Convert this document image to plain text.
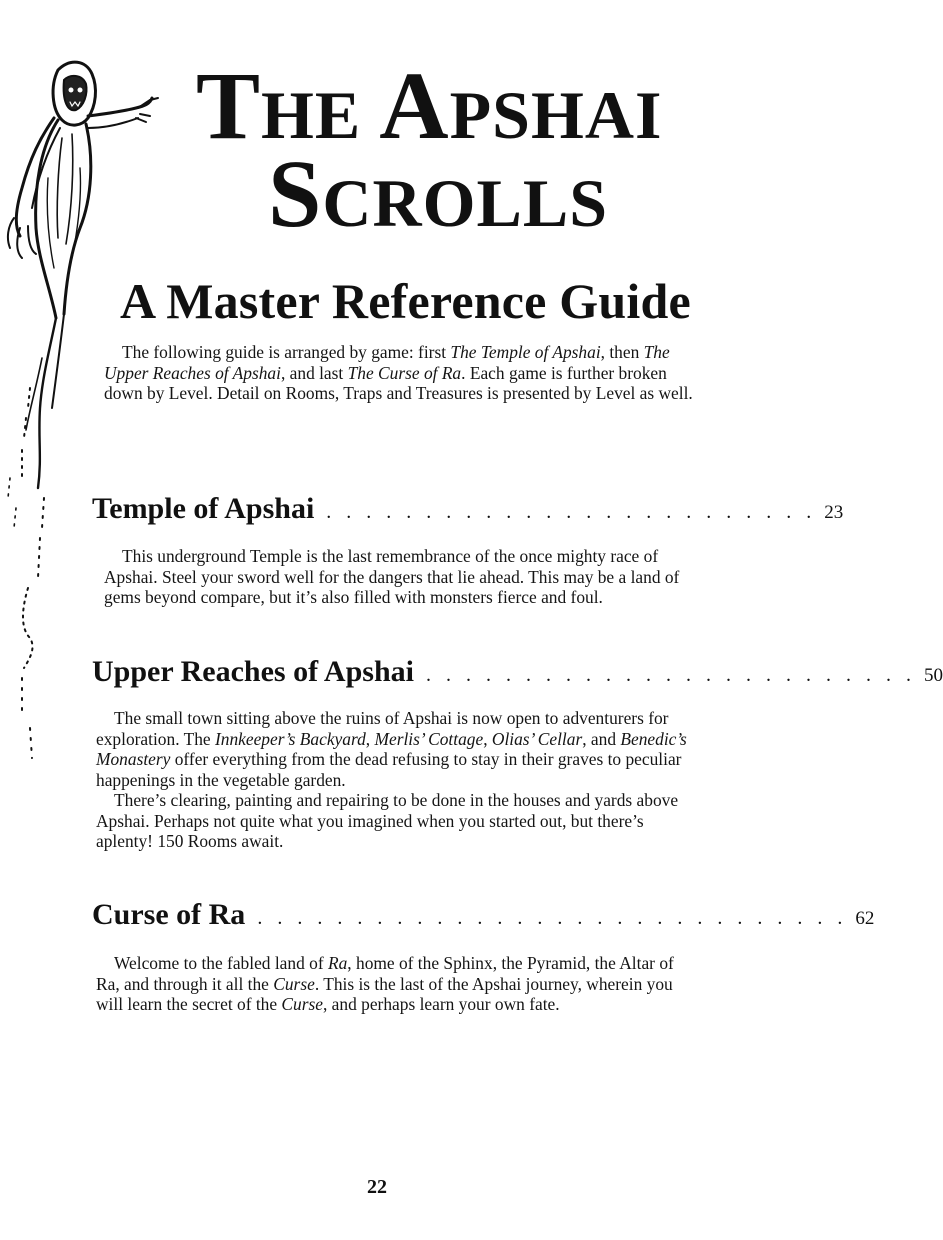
THE APSHAI
SCROLLS
A Master Reference Guide

The following guide is arranged by game: first The Temple of Apshai, then The Upper Reaches of Apshai, and last The Curse of Ra. Each game is further broken down by Level. Detail on Rooms, Traps and Treasures is presented by Level as well.

Temple of Apshai . . . . . . . . . . . . . . . . . . . . . . . . . 23

This underground Temple is the last remembrance of the once mighty race of Apshai. Steel your sword well for the dangers that lie ahead. This may be a land of gems beyond compare, but it’s also filled with monsters fierce and foul.

Upper Reaches of Apshai . . . . . . . . . . . . . . . . . . . . . . . . . 50

The small town sitting above the ruins of Apshai is now open to adventurers for exploration. The Innkeeper’s Backyard, Merlis’ Cottage, Olias’ Cellar, and Benedic’s Monastery offer everything from the dead refusing to stay in their graves to peculiar happenings in the vegetable garden.

There’s clearing, painting and repairing to be done in the houses and yards above Apshai. Perhaps not quite what you imagined when you started out, but there’s aplenty! 150 Rooms await.

Curse of Ra . . . . . . . . . . . . . . . . . . . . . . . . . . . . . . 62

Welcome to the fabled land of Ra, home of the Sphinx, the Pyramid, the Altar of Ra, and through it all the Curse. This is the last of the Apshai journey, wherein you will learn the secret of the Curse, and perhaps learn your own fate.

22
